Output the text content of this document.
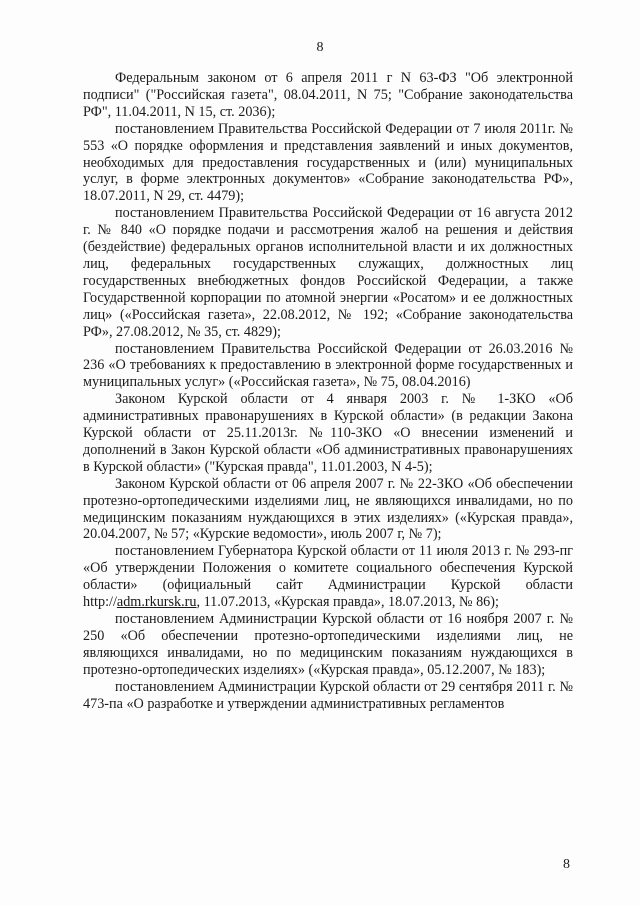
8

Федеральным законом от 6 апреля 2011 г N 63-ФЗ "Об электронной подписи" ("Российская газета", 08.04.2011, N 75; "Собрание законодательства РФ", 11.04.2011, N 15, ст. 2036);

постановлением Правительства Российской Федерации от 7 июля 2011г. № 553 «О порядке оформления и представления заявлений и иных документов, необходимых для предоставления государственных и (или) муниципальных услуг, в форме электронных документов» «Собрание законодательства РФ», 18.07.2011, N 29, ст. 4479);

постановлением Правительства Российской Федерации от 16 августа 2012 г. № 840 «О порядке подачи и рассмотрения жалоб на решения и действия (бездействие) федеральных органов исполнительной власти и их должностных лиц, федеральных государственных служащих, должностных лиц государственных внебюджетных фондов Российской Федерации, а также Государственной корпорации по атомной энергии «Росатом» и ее должностных лиц» («Российская газета», 22.08.2012, № 192; «Собрание законодательства РФ», 27.08.2012, № 35, ст. 4829);

постановлением Правительства Российской Федерации от 26.03.2016 № 236 «О требованиях к предоставлению в электронной форме государственных и муниципальных услуг» («Российская газета», № 75, 08.04.2016)

Законом Курской области от 4 января 2003 г. № 1-ЗКО «Об административных правонарушениях в Курской области» (в редакции Закона Курской области от 25.11.2013г. №110-ЗКО «О внесении изменений и дополнений в Закон Курской области «Об административных правонарушениях в Курской области» ("Курская правда", 11.01.2003, N 4-5);

Законом Курской области от 06 апреля 2007 г. № 22-ЗКО «Об обеспечении протезно-ортопедическими изделиями лиц, не являющихся инвалидами, но по медицинским показаниям нуждающихся в этих изделиях» («Курская правда», 20.04.2007, № 57; «Курские ведомости», июль 2007 г, № 7);

постановлением Губернатора Курской области от 11 июля 2013 г. № 293-пг «Об утверждении Положения о комитете социального обеспечения Курской области» (официальный сайт Администрации Курской области http://adm.rkursk.ru, 11.07.2013, «Курская правда», 18.07.2013, № 86);

постановлением Администрации Курской области от 16 ноября 2007 г. № 250 «Об обеспечении протезно-ортопедическими изделиями лиц, не являющихся инвалидами, но по медицинским показаниям нуждающихся в протезно-ортопедических изделиях» («Курская правда», 05.12.2007, № 183);

постановлением Администрации Курской области от 29 сентября 2011 г. № 473-па «О разработке и утверждении административных регламентов

8
